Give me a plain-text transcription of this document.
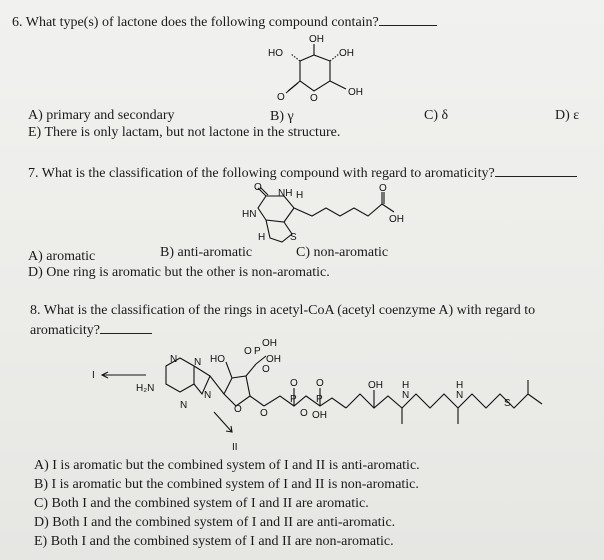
6. What type(s) of lactone does the following compound contain?
OH
HO	OH
OH
O	O
A) primary and secondary	B) γ	C) δ	D) ε
E) There is only lactam, but not lactone in the structure.
7. What is the classification of the following compound with regard to aromaticity?
O
NH H
HN
H S
O
OH
A) aromatic	B) anti-aromatic	C) non-aromatic
D) One ring is aromatic but the other is non-aromatic.
8. What is the classification of the rings in acetyl-CoA (acetyl coenzyme A) with regard to
aromaticity?
I
II
H₂N
N N
N
N
HO
O P
OH
OH
O
O O
P P
O O
O OH
OH H
N
H
N
S
A) I is aromatic but the combined system of I and II is anti-aromatic.
B) I is aromatic but the combined system of I and II is non-aromatic.
C) Both I and the combined system of I and II are aromatic.
D) Both I and the combined system of I and II are anti-aromatic.
E) Both I and the combined system of I and II are non-aromatic.
